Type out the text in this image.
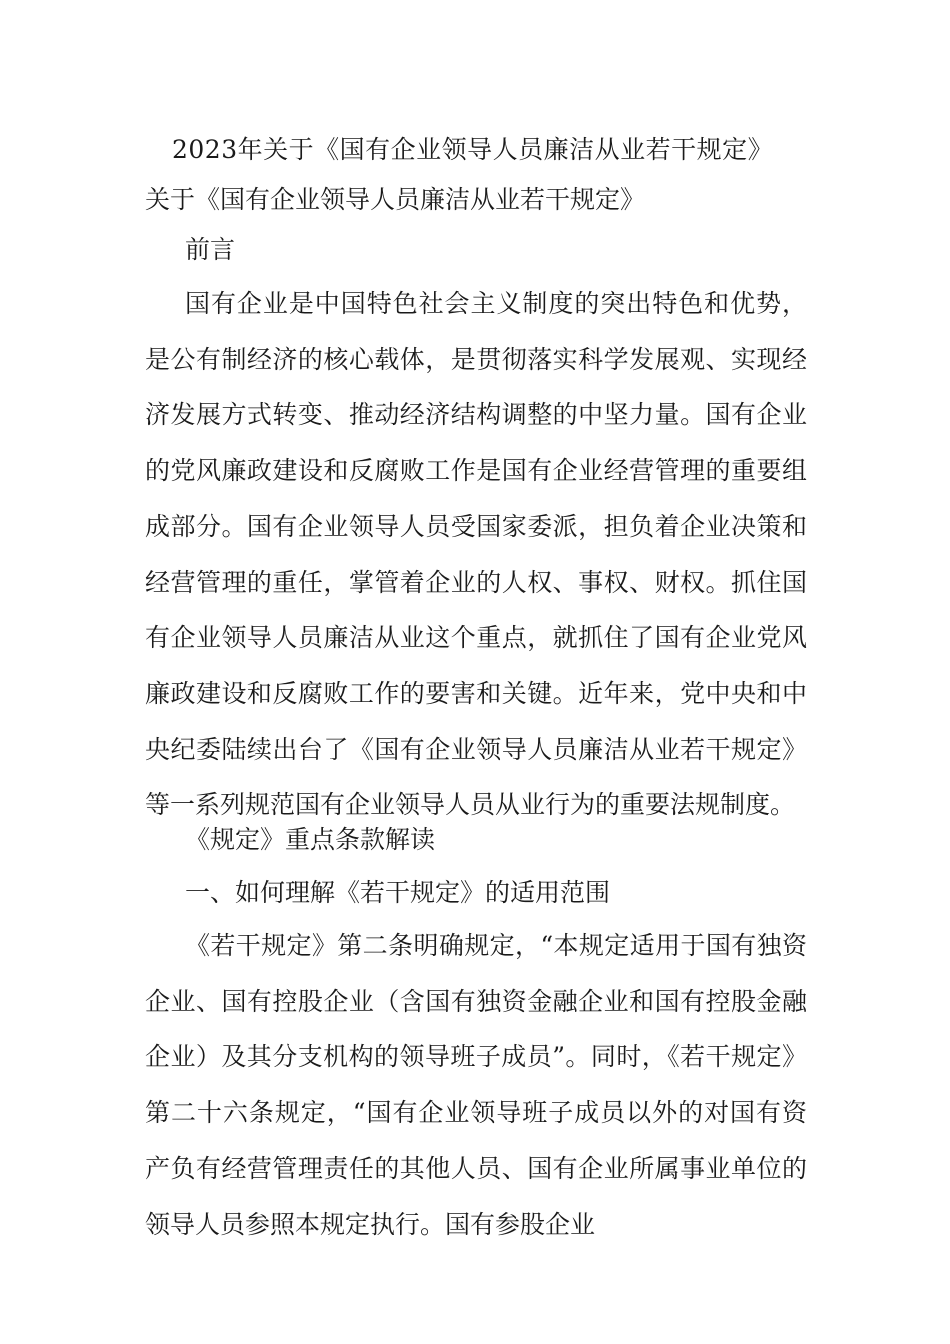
2023年关于《国有企业领导人员廉洁从业若干规定》
关于《国有企业领导人员廉洁从业若干规定》
前言

国有企业是中国特色社会主义制度的突出特色和优势，是公有制经济的核心载体，是贯彻落实科学发展观、实现经济发展方式转变、推动经济结构调整的中坚力量。国有企业的党风廉政建设和反腐败工作是国有企业经营管理的重要组成部分。国有企业领导人员受国家委派，担负着企业决策和经营管理的重任，掌管着企业的人权、事权、财权。抓住国有企业领导人员廉洁从业这个重点，就抓住了国有企业党风廉政建设和反腐败工作的要害和关键。近年来，党中央和中央纪委陆续出台了《国有企业领导人员廉洁从业若干规定》等一系列规范国有企业领导人员从业行为的重要法规制度。

《规定》重点条款解读
一、如何理解《若干规定》的适用范围

《若干规定》第二条明确规定，“本规定适用于国有独资企业、国有控股企业（含国有独资金融企业和国有控股金融企业）及其分支机构的领导班子成员”。同时，《若干规定》第二十六条规定，“国有企业领导班子成员以外的对国有资产负有经营管理责任的其他人员、国有企业所属事业单位的领导人员参照本规定执行。国有参股企业
